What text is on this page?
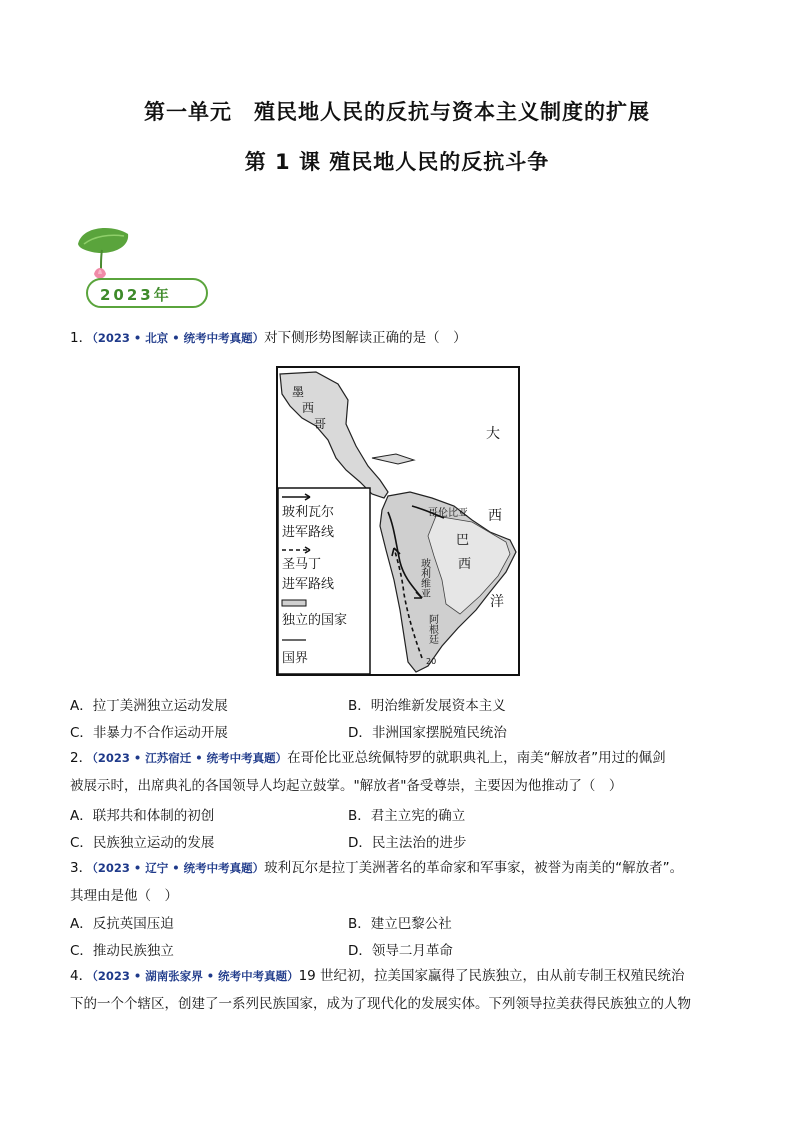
第一单元　殖民地人民的反抗与资本主义制度的扩展
第 1 课 殖民地人民的反抗斗争
2023年
1．（2023 • 北京 • 统考中考真题）对下侧形势图解读正确的是（　）
玻利瓦尔
进军路线
圣马丁
进军路线
独立的国家
国界
墨
西
哥
大
西
洋
巴
西
哥伦比亚
玻利维亚
阿根廷
20
A．拉丁美洲独立运动发展	B．明治维新发展资本主义
C．非暴力不合作运动开展	D．非洲国家摆脱殖民统治
2．（2023 • 江苏宿迁 • 统考中考真题）在哥伦比亚总统佩特罗的就职典礼上，南美“解放者”用过的佩剑
被展示时，出席典礼的各国领导人均起立鼓掌。"解放者"备受尊崇，主要因为他推动了（　）
A．联邦共和体制的初创	B．君主立宪的确立
C．民族独立运动的发展	D．民主法治的进步
3．（2023 • 辽宁 • 统考中考真题）玻利瓦尔是拉丁美洲著名的革命家和军事家，被誉为南美的“解放者”。
其理由是他（　）
A．反抗英国压迫	B．建立巴黎公社
C．推动民族独立	D．领导二月革命
4．（2023 • 湖南张家界 • 统考中考真题）19 世纪初，拉美国家赢得了民族独立，由从前专制王权殖民统治
下的一个个辖区，创建了一系列民族国家，成为了现代化的发展实体。下列领导拉美获得民族独立的人物
